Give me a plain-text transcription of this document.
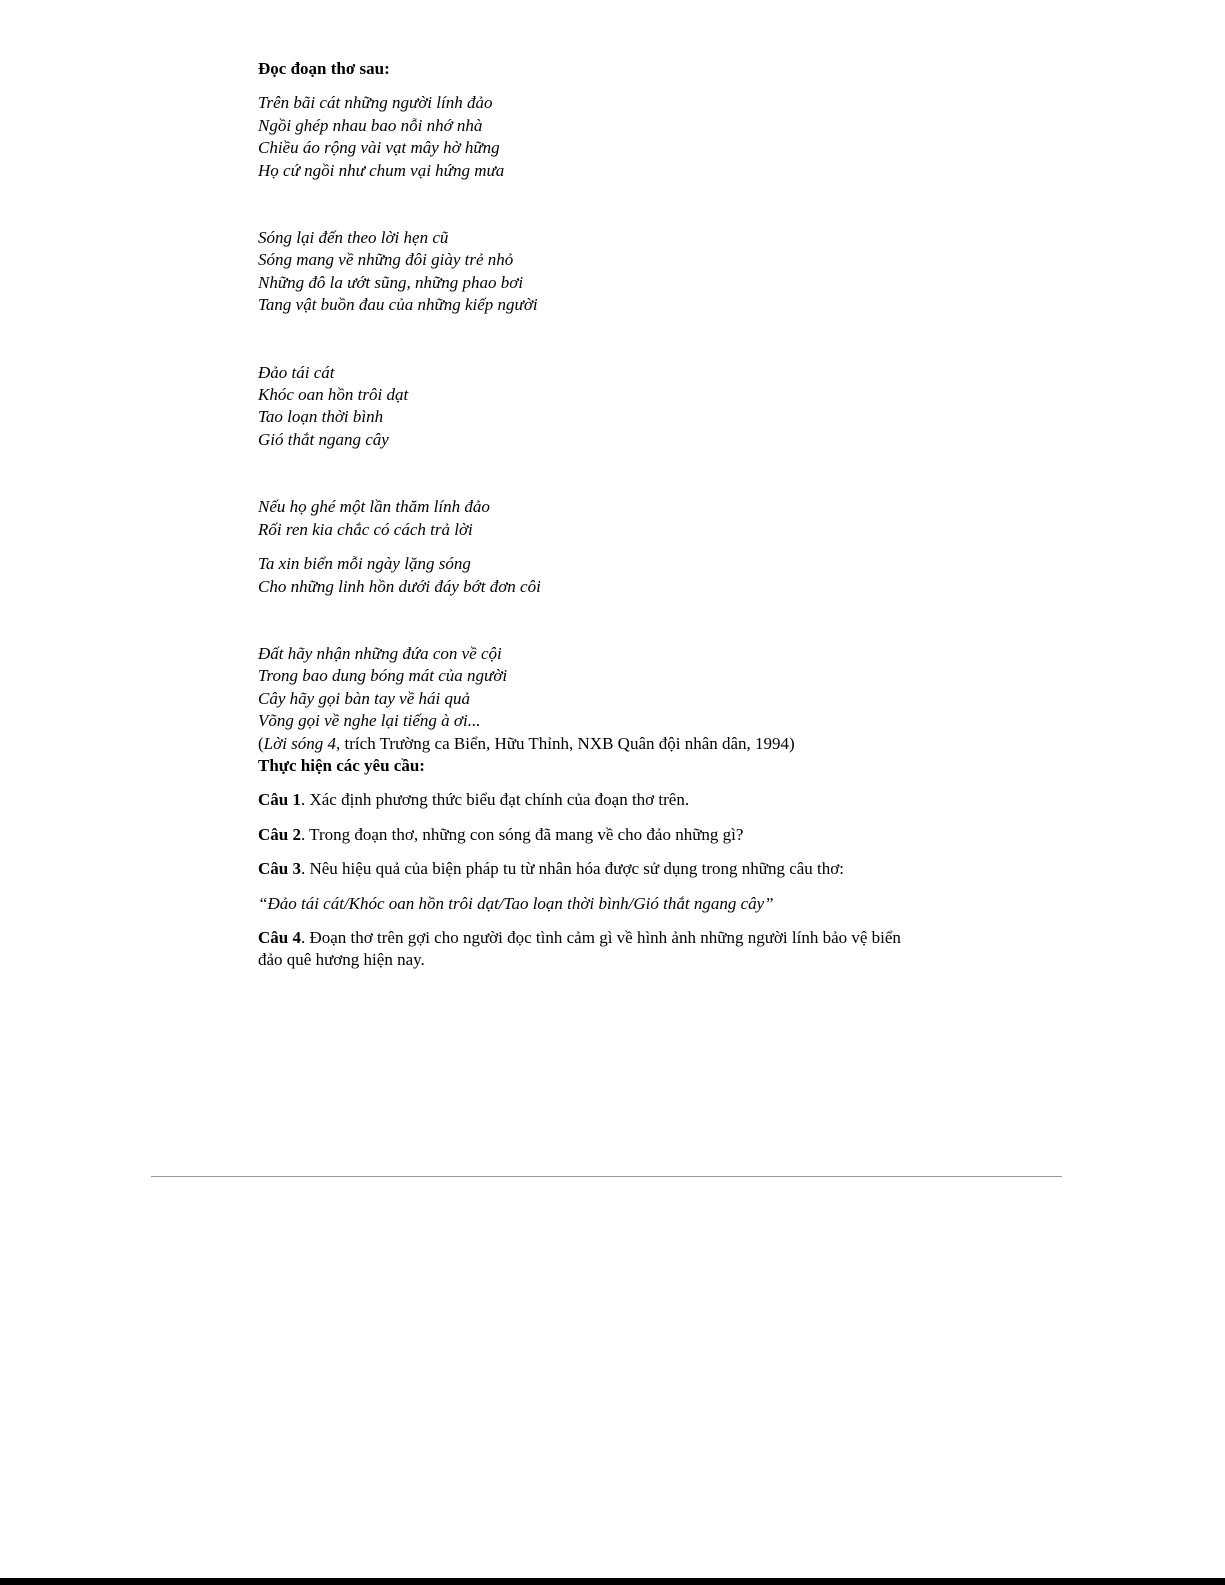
Đọc đoạn thơ sau:

Trên bãi cát những người lính đảo
Ngồi ghép nhau bao nỗi nhớ nhà
Chiều áo rộng vài vạt mây hờ hững
Họ cứ ngồi như chum vại hứng mưa
Sóng lại đến theo lời hẹn cũ
Sóng mang về những đôi giày trẻ nhỏ
Những đô la ướt sũng, những phao bơi
Tang vật buồn đau của những kiếp người
Đảo tái cát
Khóc oan hồn trôi dạt
Tao loạn thời bình
Gió thắt ngang cây
Nếu họ ghé một lần thăm lính đảo
Rối ren kia chắc có cách trả lời
Ta xin biển mỗi ngày lặng sóng
Cho những linh hồn dưới đáy bớt đơn côi
Đất hãy nhận những đứa con về cội
Trong bao dung bóng mát của người
Cây hãy gọi bàn tay về hái quả
Võng gọi về nghe lại tiếng à ơi...
(Lời sóng 4, trích Trường ca Biển, Hữu Thỉnh, NXB Quân đội nhân dân, 1994)
Thực hiện các yêu cầu:
Câu 1. Xác định phương thức biểu đạt chính của đoạn thơ trên.
Câu 2. Trong đoạn thơ, những con sóng đã mang về cho đảo những gì?
Câu 3. Nêu hiệu quả của biện pháp tu từ nhân hóa được sử dụng trong những câu thơ:
“Đảo tái cát/Khóc oan hồn trôi dạt/Tao loạn thời bình/Gió thắt ngang cây”
Câu 4. Đoạn thơ trên gợi cho người đọc tình cảm gì về hình ảnh những người lính bảo vệ biển
đảo quê hương hiện nay.
